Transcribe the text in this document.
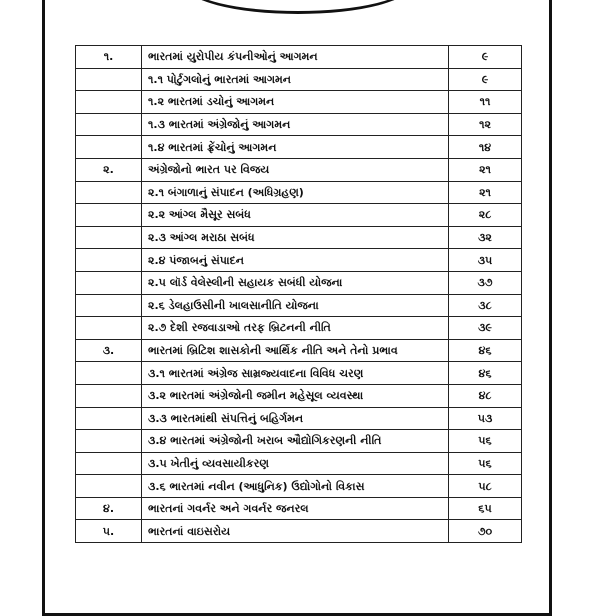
૧.	ભારતમાં યુરોપીય કંપનીઓનું આગમન	૯
	૧.૧ પોર્ટુગલોનું ભારતમાં આગમન	૯
	૧.૨ ભારતમાં ડચોનું આગમન	૧૧
	૧.૩ ભારતમાં અંગ્રેજોનું આગમન	૧૨
	૧.૪ ભારતમાં ફ્રેંચોનું આગમન	૧૪
૨.	અંગ્રેજોનો ભારત પર વિજય	૨૧
	૨.૧ બંગાળાનું સંપાદન (અધિગ્રહણ)	૨૧
	૨.૨ આંગ્લ મૈસૂર સબંધ	૨૮
	૨.૩ આંગ્લ મરાઠા સબંધ	૩૨
	૨.૪ પંજાબનું સંપાદન	૩૫
	૨.૫ લૉર્ડ વેલેસ્લીની સહાયક સબંધી યોજના	૩૭
	૨.૬ ડેલહાઉસીની ખાલસાનીતિ યોજના	૩૮
	૨.૭ દેશી રજવાડાઓ તરફ બ્રિટનની નીતિ	૩૯
૩.	ભારતમાં બ્રિટિશ શાસકોની આર્થિક નીતિ અને તેનો પ્રભાવ	૪૬
	૩.૧ ભારતમાં અંગ્રેજ સામ્રજ્યવાદના વિવિધ ચરણ	૪૬
	૩.૨ ભારતમાં અંગ્રેજોની જમીન મહેસૂલ વ્યવસ્થા	૪૮
	૩.૩ ભારતમાંથી સંપત્તિનું બહિર્ગમન	૫૩
	૩.૪ ભારતમાં અંગ્રેજોની ખરાબ ઔદ્યોગિકરણની નીતિ	૫૬
	૩.૫ ખેતીનું વ્યવસાયીકરણ	૫૬
	૩.૬ ભારતમાં નવીન (આધુનિક) ઉદ્યોગોનો વિકાસ	૫૮
૪.	ભારતનાં ગવર્નર અને ગવર્નર જનરલ	૬૫
૫.	ભારતનાં વાઇસરોય	૭૦
